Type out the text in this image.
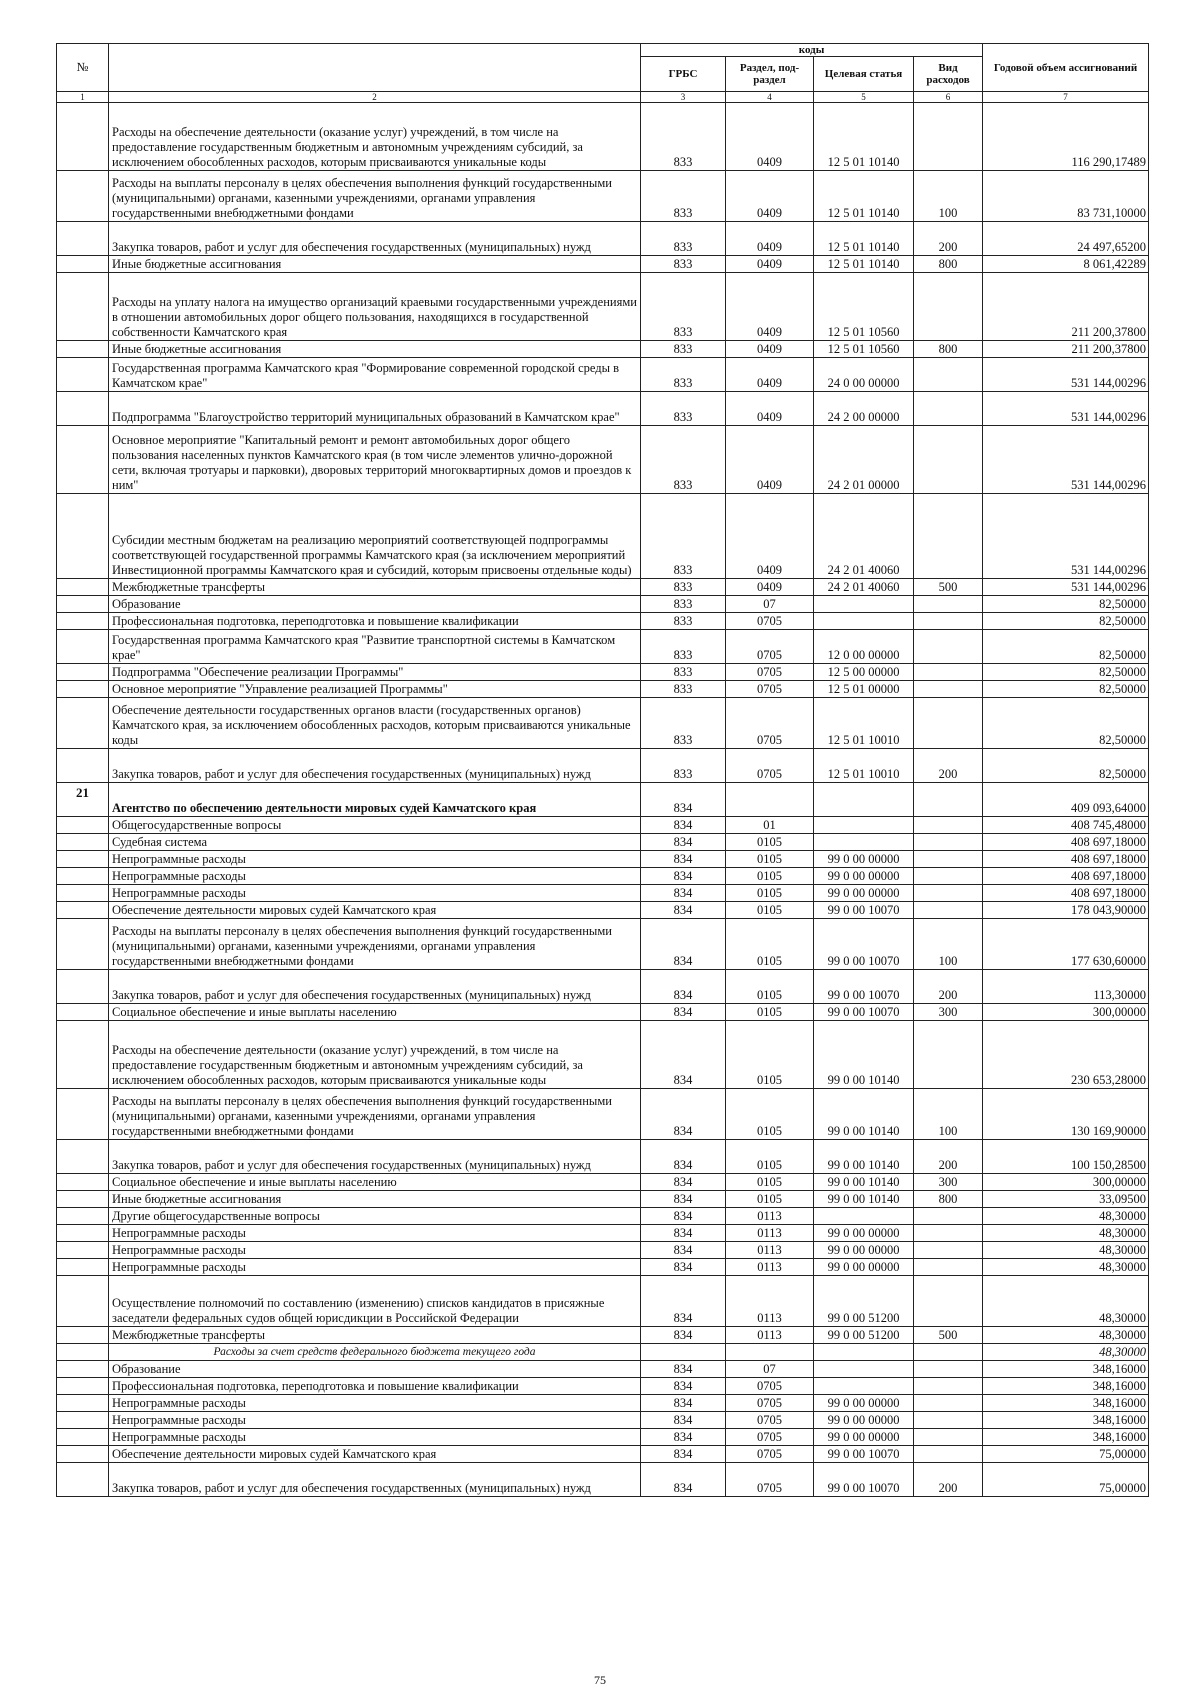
№		коды				Годовой объем ассигнований
		ГРБС	Раздел, под-раздел	Целевая статья	Вид расходов	
1	2	3	4	5	6	7
	Расходы на обеспечение деятельности (оказание услуг) учреждений, в том числе на предоставление государственным бюджетным и автономным учреждениям субсидий, за исключением обособленных расходов, которым присваиваются уникальные коды	833	0409	12 5 01 10140		116 290,17489
	Расходы на выплаты персоналу в целях обеспечения выполнения функций государственными (муниципальными) органами, казенными учреждениями, органами управления государственными внебюджетными фондами	833	0409	12 5 01 10140	100	83 731,10000
	Закупка товаров, работ и услуг для обеспечения государственных (муниципальных) нужд	833	0409	12 5 01 10140	200	24 497,65200
	Иные бюджетные ассигнования	833	0409	12 5 01 10140	800	8 061,42289
	Расходы на уплату налога на имущество организаций краевыми государственными учреждениями в отношении автомобильных дорог общего пользования, находящихся в государственной собственности Камчатского края	833	0409	12 5 01 10560		211 200,37800
	Иные бюджетные ассигнования	833	0409	12 5 01 10560	800	211 200,37800
	Государственная программа Камчатского края "Формирование современной городской среды в Камчатском крае"	833	0409	24 0 00 00000		531 144,00296
	Подпрограмма "Благоустройство территорий муниципальных образований в Камчатском крае"	833	0409	24 2 00 00000		531 144,00296
	Основное мероприятие "Капитальный ремонт и ремонт автомобильных дорог общего пользования населенных пунктов Камчатского края (в том числе элементов улично-дорожной сети, включая тротуары и парковки), дворовых территорий многоквартирных домов и проездов к ним"	833	0409	24 2 01 00000		531 144,00296
	Субсидии местным бюджетам на реализацию мероприятий соответствующей подпрограммы соответствующей государственной программы Камчатского края (за исключением мероприятий Инвестиционной программы Камчатского края и субсидий, которым присвоены отдельные коды)	833	0409	24 2 01 40060		531 144,00296
	Межбюджетные трансферты	833	0409	24 2 01 40060	500	531 144,00296
	Образование	833	07			82,50000
	Профессиональная подготовка, переподготовка и повышение квалификации	833	0705			82,50000
	Государственная программа Камчатского края "Развитие транспортной системы в Камчатском крае"	833	0705	12 0 00 00000		82,50000
	Подпрограмма "Обеспечение реализации Программы"	833	0705	12 5 00 00000		82,50000
	Основное мероприятие "Управление реализацией Программы"	833	0705	12 5 01 00000		82,50000
	Обеспечение деятельности государственных органов власти (государственных органов) Камчатского края, за исключением обособленных расходов, которым присваиваются уникальные коды	833	0705	12 5 01 10010		82,50000
	Закупка товаров, работ и услуг для обеспечения государственных (муниципальных) нужд	833	0705	12 5 01 10010	200	82,50000
21	Агентство по обеспечению деятельности мировых судей Камчатского края	834				409 093,64000
	Общегосударственные вопросы	834	01			408 745,48000
	Судебная система	834	0105			408 697,18000
	Непрограммные расходы	834	0105	99 0 00 00000		408 697,18000
	Непрограммные расходы	834	0105	99 0 00 00000		408 697,18000
	Непрограммные расходы	834	0105	99 0 00 00000		408 697,18000
	Обеспечение деятельности мировых судей Камчатского края	834	0105	99 0 00 10070		178 043,90000
	Расходы на выплаты персоналу в целях обеспечения выполнения функций государственными (муниципальными) органами, казенными учреждениями, органами управления государственными внебюджетными фондами	834	0105	99 0 00 10070	100	177 630,60000
	Закупка товаров, работ и услуг для обеспечения государственных (муниципальных) нужд	834	0105	99 0 00 10070	200	113,30000
	Социальное обеспечение и иные выплаты населению	834	0105	99 0 00 10070	300	300,00000
	Расходы на обеспечение деятельности (оказание услуг) учреждений, в том числе на предоставление государственным бюджетным и автономным учреждениям субсидий, за исключением обособленных расходов, которым присваиваются уникальные коды	834	0105	99 0 00 10140		230 653,28000
	Расходы на выплаты персоналу в целях обеспечения выполнения функций государственными (муниципальными) органами, казенными учреждениями, органами управления государственными внебюджетными фондами	834	0105	99 0 00 10140	100	130 169,90000
	Закупка товаров, работ и услуг для обеспечения государственных (муниципальных) нужд	834	0105	99 0 00 10140	200	100 150,28500
	Социальное обеспечение и иные выплаты населению	834	0105	99 0 00 10140	300	300,00000
	Иные бюджетные ассигнования	834	0105	99 0 00 10140	800	33,09500
	Другие общегосударственные вопросы	834	0113			48,30000
	Непрограммные расходы	834	0113	99 0 00 00000		48,30000
	Непрограммные расходы	834	0113	99 0 00 00000		48,30000
	Непрограммные расходы	834	0113	99 0 00 00000		48,30000
	Осуществление полномочий по составлению (изменению) списков кандидатов в присяжные заседатели федеральных судов общей юрисдикции в Российской Федерации	834	0113	99 0 00 51200		48,30000
	Межбюджетные трансферты	834	0113	99 0 00 51200	500	48,30000
	Расходы за счет средств федерального бюджета текущего года					48,30000
	Образование	834	07			348,16000
	Профессиональная подготовка, переподготовка и повышение квалификации	834	0705			348,16000
	Непрограммные расходы	834	0705	99 0 00 00000		348,16000
	Непрограммные расходы	834	0705	99 0 00 00000		348,16000
	Непрограммные расходы	834	0705	99 0 00 00000		348,16000
	Обеспечение деятельности мировых судей Камчатского края	834	0705	99 0 00 10070		75,00000
	Закупка товаров, работ и услуг для обеспечения государственных (муниципальных) нужд	834	0705	99 0 00 10070	200	75,00000
75
